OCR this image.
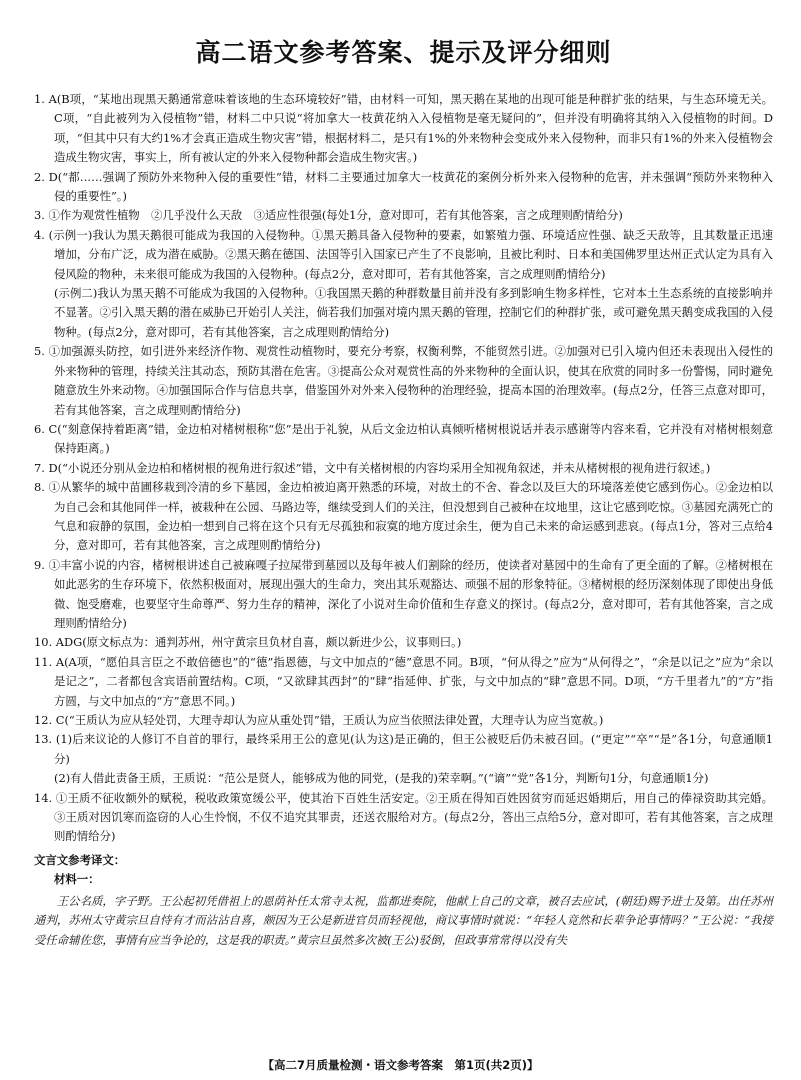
高二语文参考答案、提示及评分细则

1. A(B项，“某地出现黑天鹅通常意味着该地的生态环境较好”错，由材料一可知，黑天鹅在某地的出现可能是种群扩张的结果，与生态环境无关。C项，“自此被列为入侵植物”错，材料二中只说“将加拿大一枝黄花纳入入侵植物是毫无疑问的”，但并没有明确将其纳入入侵植物的时间。D项，“但其中只有大约1%才会真正造成生物灾害”错，根据材料二，是只有1%的外来物种会变成外来入侵物种，而非只有1%的外来入侵植物会造成生物灾害，事实上，所有被认定的外来入侵物种都会造成生物灾害。)

2. D(“都……强调了预防外来物种入侵的重要性”错，材料二主要通过加拿大一枝黄花的案例分析外来入侵物种的危害，并未强调“预防外来物种入侵的重要性”。)

3. ①作为观赏性植物　②几乎没什么天敌　③适应性很强(每处1分，意对即可，若有其他答案，言之成理则酌情给分)

4. (示例一)我认为黑天鹅很可能成为我国的入侵物种。①黑天鹅具备入侵物种的要素，如繁殖力强、环境适应性强、缺乏天敌等，且其数量正迅速增加，分布广泛，成为潜在威胁。②黑天鹅在德国、法国等引入国家已产生了不良影响，且被比利时、日本和美国佛罗里达州正式认定为具有入侵风险的物种，未来很可能成为我国的入侵物种。(每点2分，意对即可，若有其他答案，言之成理则酌情给分)

(示例二)我认为黑天鹅不可能成为我国的入侵物种。①我国黑天鹅的种群数量目前并没有多到影响生物多样性，它对本土生态系统的直接影响并不显著。②引入黑天鹅的潜在威胁已开始引人关注，倘若我们加强对境内黑天鹅的管理，控制它们的种群扩张，或可避免黑天鹅变成我国的入侵物种。(每点2分，意对即可，若有其他答案，言之成理则酌情给分)

5. ①加强源头防控，如引进外来经济作物、观赏性动植物时，要充分考察，权衡利弊，不能贸然引进。②加强对已引入境内但还未表现出入侵性的外来物种的管理，持续关注其动态，预防其潜在危害。③提高公众对观赏性高的外来物种的全面认识，使其在欣赏的同时多一份警惕，同时避免随意放生外来动物。④加强国际合作与信息共享，借鉴国外对外来入侵物种的治理经验，提高本国的治理效率。(每点2分，任答三点意对即可，若有其他答案，言之成理则酌情给分)

6. C(“刻意保持着距离”错，金边柏对楮树根称“您”是出于礼貌，从后文金边柏认真倾听楮树根说话并表示感谢等内容来看，它并没有对楮树根刻意保持距离。)

7. D(“小说还分别从金边柏和楮树根的视角进行叙述”错，文中有关楮树根的内容均采用全知视角叙述，并未从楮树根的视角进行叙述。)

8. ①从繁华的城中苗圃移栽到冷清的乡下墓园，金边柏被迫离开熟悉的环境，对故土的不舍、眷念以及巨大的环境落差使它感到伤心。②金边柏以为自己会和其他同伴一样，被栽种在公园、马路边等，继续受到人们的关注，但没想到自己被种在坟地里，这让它感到吃惊。③墓园充满死亡的气息和寂静的氛围，金边柏一想到自己将在这个只有无尽孤独和寂寞的地方度过余生，便为自己未来的命运感到悲哀。(每点1分，答对三点给4分，意对即可，若有其他答案，言之成理则酌情给分)

9. ①丰富小说的内容，楮树根讲述自己被麻嘎子拉屎带到墓园以及每年被人们割除的经历，使读者对墓园中的生命有了更全面的了解。②楮树根在如此恶劣的生存环境下，依然积极面对，展现出强大的生命力，突出其乐观豁达、顽强不屈的形象特征。③楮树根的经历深刻体现了即使出身低微、饱受磨难，也要坚守生命尊严、努力生存的精神，深化了小说对生命价值和生存意义的探讨。(每点2分，意对即可，若有其他答案，言之成理则酌情给分)

10. ADG(原文标点为：通判苏州，州守黄宗旦负材自喜，颇以新进少公，议事则曰。)

11. A(A项，“愿伯具言臣之不敢倍德也”的“德”指恩德，与文中加点的“德”意思不同。B项，“何从得之”应为“从何得之”，“余是以记之”应为“余以是记之”，二者都包含宾语前置结构。C项，“又欲肆其西封”的“肆”指延伸、扩张，与文中加点的“肆”意思不同。D项，“方千里者九”的“方”指方圆，与文中加点的“方”意思不同。)

12. C(“王质认为应从轻处罚，大理寺却认为应从重处罚”错，王质认为应当依照法律处置，大理寺认为应当宽赦。)

13. (1)后来议论的人修订不自首的罪行，最终采用王公的意见(认为这)是正确的，但王公被贬后仍未被召回。(“更定”“卒”“是”各1分，句意通顺1分)

(2)有人借此责备王质，王质说：“范公是贤人，能够成为他的同党，(是我的)荣幸啊。”(“谪”“党”各1分，判断句1分，句意通顺1分)

14. ①王质不征收额外的赋税，税收政策宽缓公平，使其治下百姓生活安定。②王质在得知百姓因贫穷而延迟婚期后，用自己的俸禄资助其完婚。③王质对因饥寒而盗窃的人心生怜悯，不仅不追究其罪责，还送衣服给对方。(每点2分，答出三点给5分，意对即可，若有其他答案，言之成理则酌情给分)

文言文参考译文：
材料一：
王公名质，字子野。王公起初凭借祖上的恩荫补任太常寺太祝，监都进奏院，他献上自己的文章，被召去应试，(朝廷)赐予进士及第。出任苏州通判，苏州太守黄宗旦自恃有才而沾沾自喜，颇因为王公是新进官员而轻视他，商议事情时就说：“年轻人竟然和长辈争论事情吗？”王公说：“我接受任命辅佐您，事情有应当争论的，这是我的职责。”黄宗旦虽然多次被(王公)驳倒，但政事常常得以没有失
【高二7月质量检测・语文参考答案　第1页(共2页)】
